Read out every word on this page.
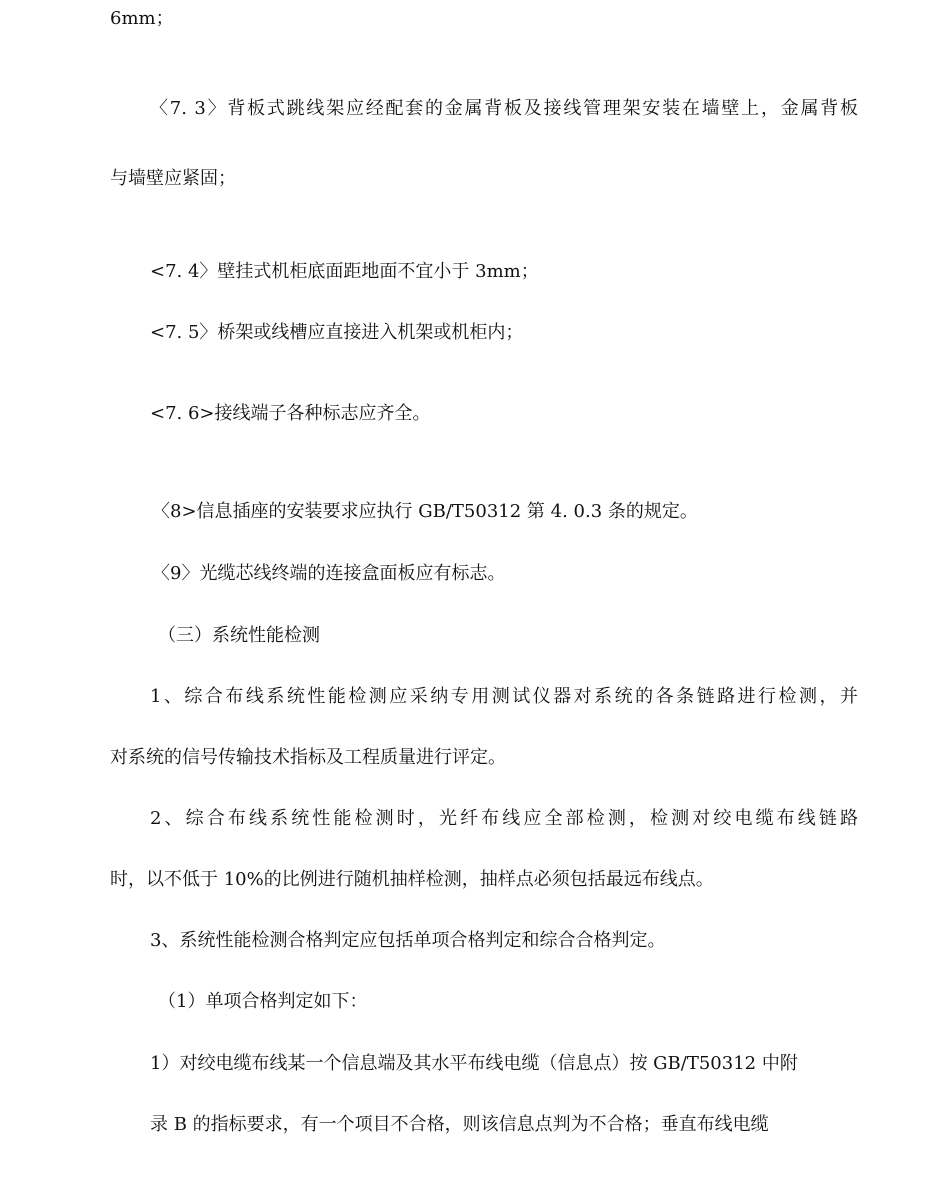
6mm；
〈7. 3〉背板式跳线架应经配套的金属背板及接线管理架安装在墙壁上，金属背板
与墙壁应紧固；
<7. 4〉壁挂式机柜底面距地面不宜小于 3mm；
<7. 5〉桥架或线槽应直接进入机架或机柜内；
<7. 6>接线端子各种标志应齐全。
〈8>信息插座的安装要求应执行 GB/T50312 第 4. 0.3 条的规定。
〈9〉光缆芯线终端的连接盒面板应有标志。
（三）系统性能检测
1、综合布线系统性能检测应采纳专用测试仪器对系统的各条链路进行检测，并
对系统的信号传输技术指标及工程质量进行评定。
2、综合布线系统性能检测时，光纤布线应全部检测，检测对绞电缆布线链路
时，以不低于 10%的比例进行随机抽样检测，抽样点必须包括最远布线点。
3、系统性能检测合格判定应包括单项合格判定和综合合格判定。
（1）单项合格判定如下：
1）对绞电缆布线某一个信息端及其水平布线电缆（信息点）按 GB/T50312 中附
录 B 的指标要求，有一个项目不合格，则该信息点判为不合格；垂直布线电缆
